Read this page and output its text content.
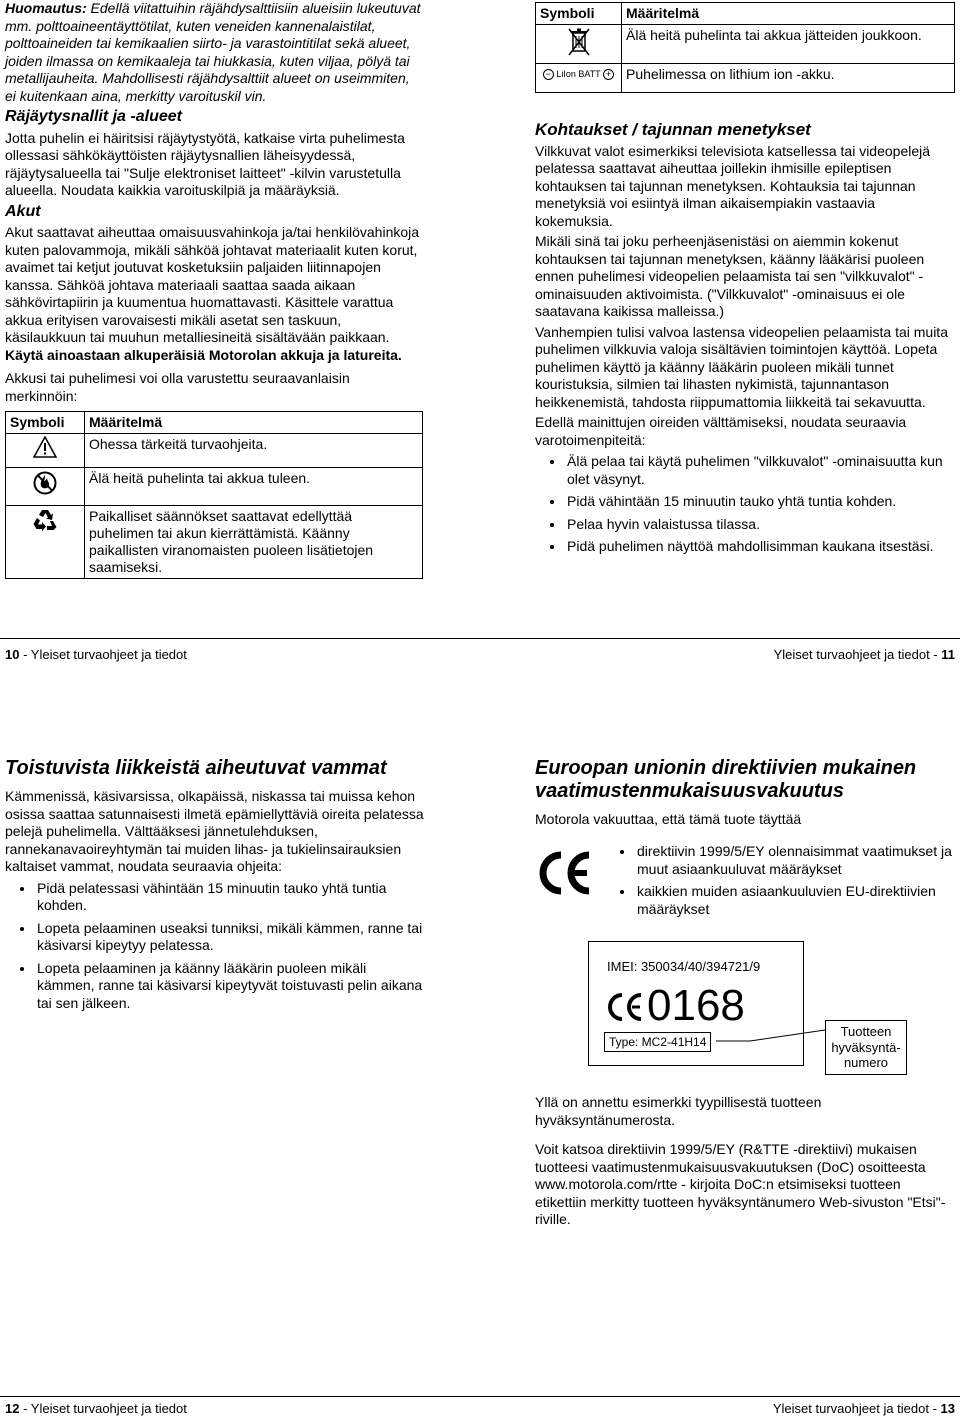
Huomautus: Edellä viitattuihin räjähdysalttiisiin alueisiin lukeutuvat mm. polttoaineentäyttötilat, kuten veneiden kannenalaistilat, polttoaineiden tai kemikaalien siirto- ja varastointitilat sekä alueet, joiden ilmassa on kemikaaleja tai hiukkasia, kuten viljaa, pölyä tai metallijauheita. Mahdollisesti räjähdysalttiit alueet on useimmiten, ei kuitenkaan aina, merkitty varoituskil vin.

Räjäytysnallit ja -alueet

Jotta puhelin ei häiritsisi räjäytystyötä, katkaise virta puhelimesta ollessasi sähkökäyttöisten räjäytysnallien läheisyydessä, räjäytysalueella tai "Sulje elektroniset laitteet" -kilvin varustetulla alueella. Noudata kaikkia varoituskilpiä ja määräyksiä.

Akut

Akut saattavat aiheuttaa omaisuusvahinkoja ja/tai henkilövahinkoja kuten palovammoja, mikäli sähköä johtavat materiaalit kuten korut, avaimet tai ketjut joutuvat kosketuksiin paljaiden liitinnapojen kanssa. Sähköä johtava materiaali saattaa saada aikaan sähkövirtapiirin ja kuumentua huomattavasti. Käsittele varattua akkua erityisen varovaisesti mikäli asetat sen taskuun, käsilaukkuun tai muuhun metalliesineitä sisältävään paikkaan. Käytä ainoastaan alkuperäisiä Motorolan akkuja ja latureita.

Akkusi tai puhelimesi voi olla varustettu seuraavanlaisin merkinnöin:

Symboli	Määritelmä
	Ohessa tärkeitä turvaohjeita.
	Älä heitä puhelinta tai akkua tuleen.
	Paikalliset säännökset saattavat edellyttää puhelimen tai akun kierrättämistä. Käänny paikallisten viranomaisten puoleen lisätietojen saamiseksi.
Symboli	Määritelmä
	Älä heitä puhelinta tai akkua jätteiden joukkoon.
− LiIon BATT +	Puhelimessa on lithium ion -akku.
Kohtaukset / tajunnan menetykset

Vilkkuvat valot esimerkiksi televisiota katsellessa tai videopelejä pelatessa saattavat aiheuttaa joillekin ihmisille epileptisen kohtauksen tai tajunnan menetyksen. Kohtauksia tai tajunnan menetyksiä voi esiintyä ilman aikaisempiakin vastaavia kokemuksia.

Mikäli sinä tai joku perheenjäsenistäsi on aiemmin kokenut kohtauksen tai tajunnan menetyksen, käänny lääkärisi puoleen ennen puhelimesi videopelien pelaamista tai sen "vilkkuvalot" -ominaisuuden aktivoimista. ("Vilkkuvalot" -ominaisuus ei ole saatavana kaikissa malleissa.)

Vanhempien tulisi valvoa lastensa videopelien pelaamista tai muita puhelimen vilkkuvia valoja sisältävien toimintojen käyttöä. Lopeta puhelimen käyttö ja käänny lääkärin puoleen mikäli tunnet kouristuksia, silmien tai lihasten nykimistä, tajunnantason heikkenemistä, tahdosta riippumattomia liikkeitä tai sekavuutta.

Edellä mainittujen oireiden välttämiseksi, noudata seuraavia varotoimenpiteitä:

• Älä pelaa tai käytä puhelimen "vilkkuvalot" -ominaisuutta kun olet väsynyt.
• Pidä vähintään 15 minuutin tauko yhtä tuntia kohden.
• Pelaa hyvin valaistussa tilassa.
• Pidä puhelimen näyttöä mahdollisimman kaukana itsestäsi.
10 - Yleiset turvaohjeet ja tiedot	Yleiset turvaohjeet ja tiedot - 11
Toistuvista liikkeistä aiheutuvat vammat

Kämmenissä, käsivarsissa, olkapäissä, niskassa tai muissa kehon osissa saattaa satunnaisesti ilmetä epämiellyttäviä oireita pelatessa pelejä puhelimella. Välttääksesi jännetulehduksen, rannekanavaoireyhtymän tai muiden lihas- ja tukielinsairauksien kaltaiset vammat, noudata seuraavia ohjeita:

• Pidä pelatessasi vähintään 15 minuutin tauko yhtä tuntia kohden.
• Lopeta pelaaminen useaksi tunniksi, mikäli kämmen, ranne tai käsivarsi kipeytyy pelatessa.
• Lopeta pelaaminen ja käänny lääkärin puoleen mikäli kämmen, ranne tai käsivarsi kipeytyvät toistuvasti pelin aikana tai sen jälkeen.
Euroopan unionin direktiivien mukainen vaatimustenmukaisuusvakuutus

Motorola vakuuttaa, että tämä tuote täyttää

• direktiivin 1999/5/EY olennaisimmat vaatimukset ja muut asiaankuuluvat määräykset
• kaikkien muiden asiaankuuluvien EU-direktiivien määräykset
IMEI: 350034/40/394721/9
0168
Type: MC2-41H14
Tuotteen
hyväksyntä-
numero

Yllä on annettu esimerkki tyypillisestä tuotteen hyväksyntänumerosta.

Voit katsoa direktiivin 1999/5/EY (R&TTE -direktiivi) mukaisen tuotteesi vaatimustenmukaisuusvakuutuksen (DoC) osoitteesta www.motorola.com/rtte - kirjoita DoC:n etsimiseksi tuotteen etikettiin merkitty tuotteen hyväksyntänumero Web-sivuston "Etsi"-riville.

12 - Yleiset turvaohjeet ja tiedot	Yleiset turvaohjeet ja tiedot - 13
